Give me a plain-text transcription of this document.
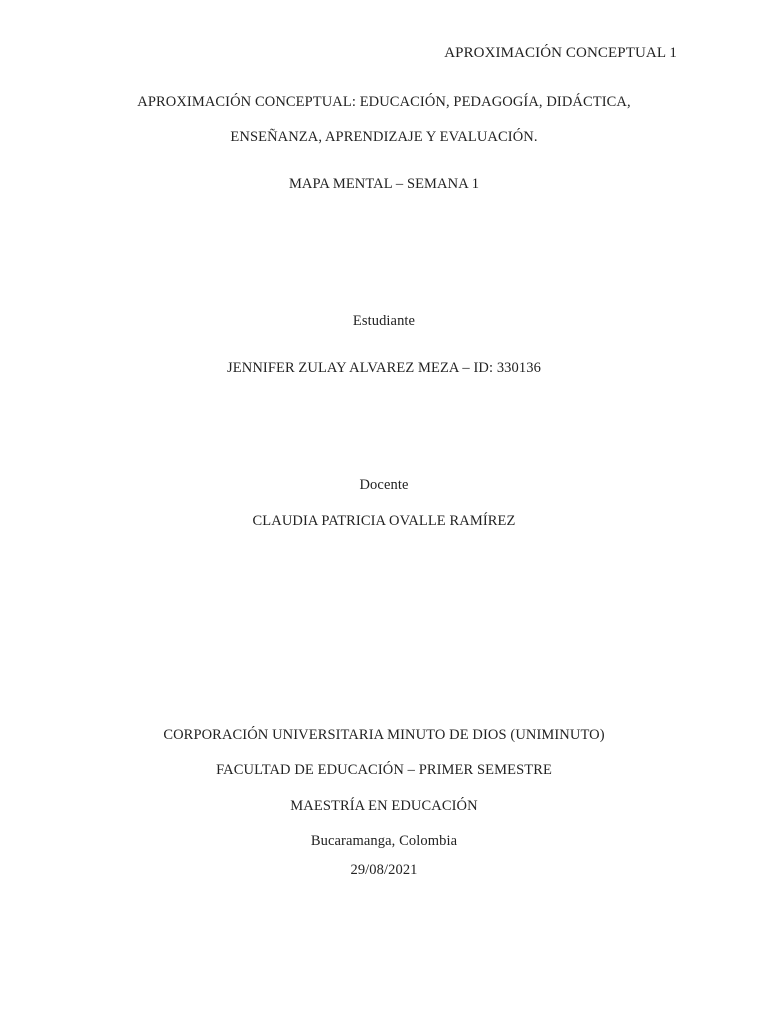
APROXIMACIÓN CONCEPTUAL 1
APROXIMACIÓN CONCEPTUAL: EDUCACIÓN, PEDAGOGÍA, DIDÁCTICA,
ENSEÑANZA, APRENDIZAJE Y EVALUACIÓN.
MAPA MENTAL – SEMANA 1
Estudiante
JENNIFER ZULAY ALVAREZ MEZA – ID: 330136
Docente
CLAUDIA PATRICIA OVALLE RAMÍREZ
CORPORACIÓN UNIVERSITARIA MINUTO DE DIOS (UNIMINUTO)
FACULTAD DE EDUCACIÓN – PRIMER SEMESTRE
MAESTRÍA EN EDUCACIÓN
Bucaramanga, Colombia
29/08/2021
